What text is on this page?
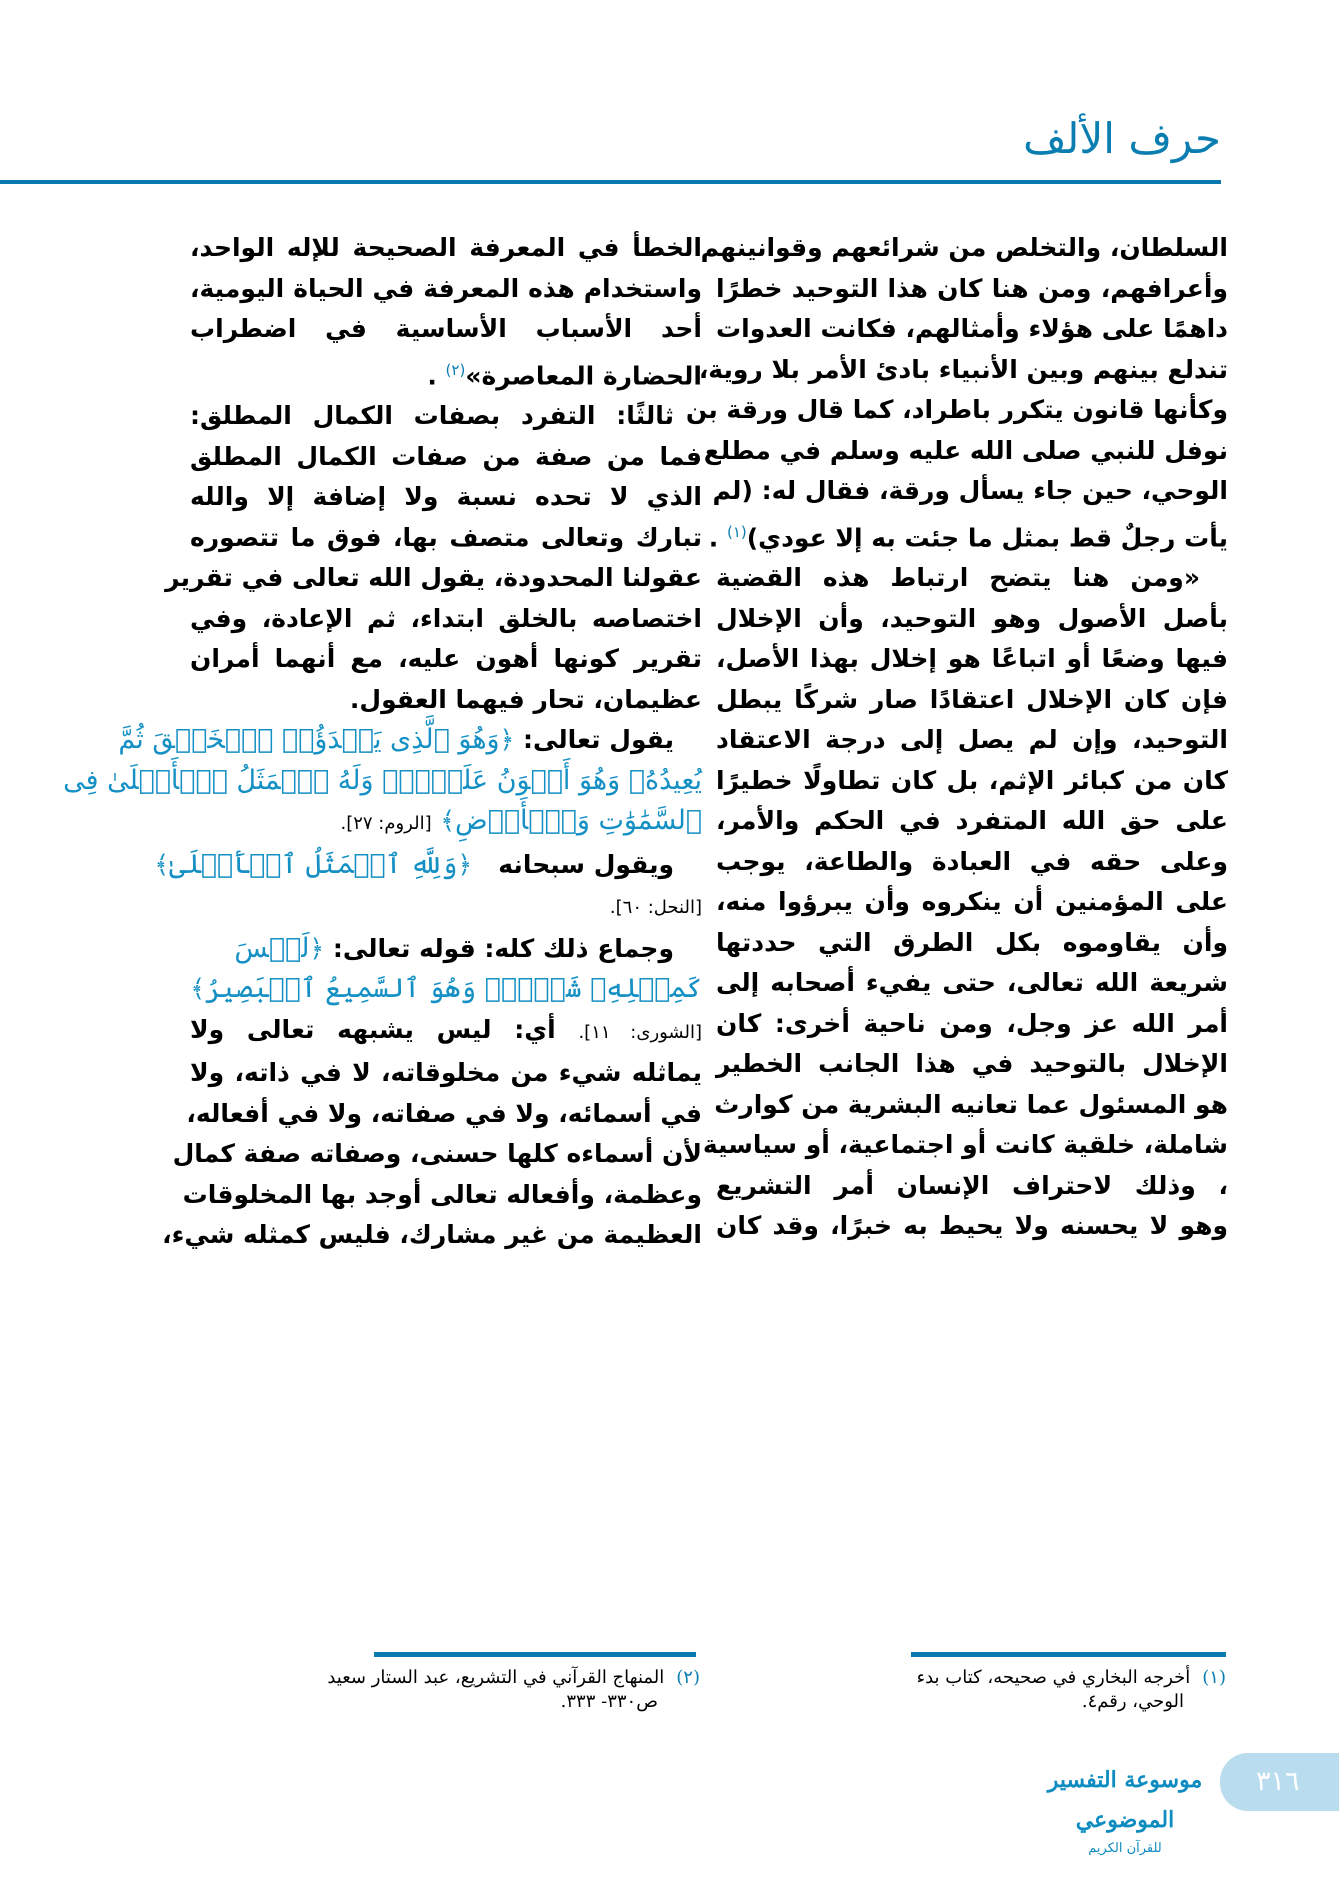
حرف الألف
السلطان، والتخلص من شرائعهم وقوانينهم
وأعرافهم، ومن هنا كان هذا التوحيد خطرًا
داهمًا على هؤلاء وأمثالهم، فكانت العدوات
تندلع بينهم وبين الأنبياء بادئ الأمر بلا روية،
وكأنها قانون يتكرر باطراد، كما قال ورقة بن
نوفل للنبي صلى الله عليه وسلم في مطلع
الوحي، حين جاء يسأل ورقة، فقال له: (لم
يأت رجلٌ قط بمثل ما جئت به إلا عودي)$^{(١)}$ .
«ومن هنا يتضح ارتباط هذه القضية
بأصل الأصول وهو التوحيد، وأن الإخلال
فيها وضعًا أو اتباعًا هو إخلال بهذا الأصل،
فإن كان الإخلال اعتقادًا صار شركًا يبطل
التوحيد، وإن لم يصل إلى درجة الاعتقاد
كان من كبائر الإثم، بل كان تطاولًا خطيرًا
على حق الله المتفرد في الحكم والأمر،
وعلى حقه في العبادة والطاعة، يوجب
على المؤمنين أن ينكروه وأن يبرؤوا منه،
وأن يقاوموه بكل الطرق التي حددتها
شريعة الله تعالى، حتى يفيء أصحابه إلى
أمر الله عز وجل، ومن ناحية أخرى: كان
الإخلال بالتوحيد في هذا الجانب الخطير
هو المسئول عما تعانيه البشرية من كوارث
شاملة، خلقية كانت أو اجتماعية، أو سياسية
، وذلك لاحتراف الإنسان أمر التشريع
وهو لا يحسنه ولا يحيط به خبرًا، وقد كان
الخطأ في المعرفة الصحيحة للإله الواحد،
واستخدام هذه المعرفة في الحياة اليومية،
أحد الأسباب الأساسية في اضطراب
الحضارة المعاصرة»$^{(٢)}$ .
ثالثًا: التفرد بصفات الكمال المطلق:
فما من صفة من صفات الكمال المطلق
الذي لا تحده نسبة ولا إضافة إلا والله
تبارك وتعالى متصف بها، فوق ما تتصوره
عقولنا المحدودة، يقول الله تعالى في تقرير
اختصاصه بالخلق ابتداء، ثم الإعادة، وفي
تقرير كونها أهون عليه، مع أنهما أمران
عظيمان، تحار فيهما العقول.
يقول تعالى: ﴿وَهُوَ ٱلَّذِى يَبۡدَؤُا۟ ٱلۡخَلۡقَ ثُمَّ
يُعِيدُهُۥ وَهُوَ أَهۡوَنُ عَلَيۡهِۚ وَلَهُ ٱلۡمَثَلُ ٱلۡأَعۡلَىٰ فِى
ٱلسَّمَٰوَٰتِ وَٱلۡأَرۡضِ﴾ [الروم: ٢٧].
ويقول سبحانه   ﴿وَلِلَّهِ ٱلۡمَثَلُ ٱلۡأَعۡلَىٰ﴾
[النحل: ٦٠].
وجماع ذلك كله: قوله تعالى: ﴿لَيۡسَ
كَمِثۡلِهِۦ شَىۡءٌۖ وَهُوَ ٱلسَّمِيعُ ٱلۡبَصِيرُ﴾
[الشورى: ١١]. أي: ليس يشبهه تعالى ولا
يماثله شيء من مخلوقاته، لا في ذاته، ولا
في أسمائه، ولا في صفاته، ولا في أفعاله،
لأن أسماءه كلها حسنى، وصفاته صفة كمال
وعظمة، وأفعاله تعالى أوجد بها المخلوقات
العظيمة من غير مشارك، فليس كمثله شيء،
(١)أخرجه البخاري في صحيحه، كتاب بدء
الوحي، رقم٤.
(٢)المنهاج القرآني في التشريع، عبد الستار سعيد
ص٣٣٠- ٣٣٣.
موسوعة التفسير الموضوعي
للقرآن الكريم
٣١٦
